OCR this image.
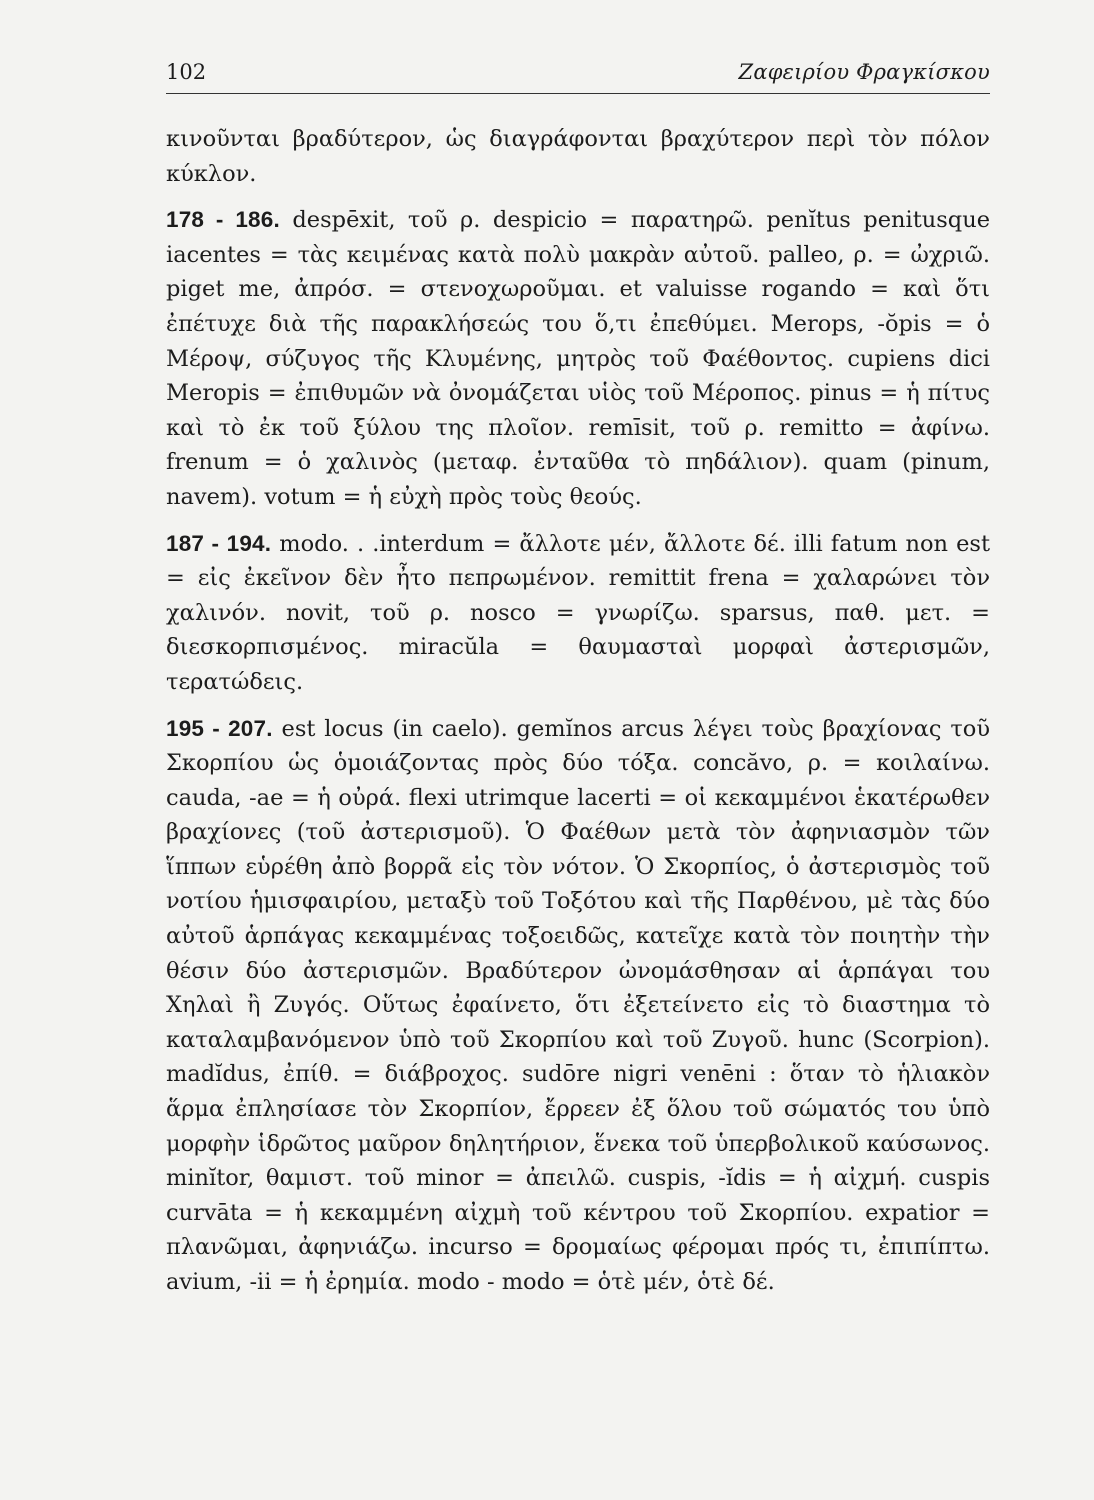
102	Ζαφειρίου Φραγκίσκου

κινοῦνται βραδύτερον, ὡς διαγράφονται βραχύτερον περὶ τὸν πόλον κύκλον.

178 - 186. despēxit, τοῦ ρ. despicio = παρατηρῶ. penĭtus penitusque iacentes = τὰς κειμένας κατὰ πολὺ μακρὰν αὐτοῦ. palleo, ρ. = ὠχριῶ. piget me, ἀπρόσ. = στενοχωροῦμαι. et valuisse rogando = καὶ ὅτι ἐπέτυχε διὰ τῆς παρακλήσεώς του ὅ,τι ἐπεθύμει. Merops, -ŏpis = ὁ Μέροψ, σύζυγος τῆς Κλυμένης, μητρὸς τοῦ Φαέθοντος. cupiens dici Meropis = ἐπιθυμῶν νὰ ὀνομάζεται υἱὸς τοῦ Μέροπος. pinus = ἡ πίτυς καὶ τὸ ἐκ τοῦ ξύλου της πλοῖον. remīsit, τοῦ ρ. remitto = ἀφίνω. frenum = ὁ χαλινὸς (μεταφ. ἐνταῦθα τὸ πηδάλιον). quam (pinum, navem). votum = ἡ εὐχὴ πρὸς τοὺς θεούς.

187 - 194. modo. . .interdum = ἄλλοτε μέν, ἄλλοτε δέ. illi fatum non est = εἰς ἐκεῖνον δὲν ἦτο πεπρωμένον. remittit frena = χαλαρώνει τὸν χαλινόν. novit, τοῦ ρ. nosco = γνωρίζω. sparsus, παθ. μετ. = διεσκορπισμένος. miracŭla = θαυμασταὶ μορφαὶ ἀστερισμῶν, τερατώδεις.

195 - 207. est locus (in caelo). gemĭnos arcus λέγει τοὺς βραχίονας τοῦ Σκορπίου ὡς ὁμοιάζοντας πρὸς δύο τόξα. concăvo, ρ. = κοιλαίνω. cauda, -ae = ἡ οὐρά. flexi utrimque lacerti = οἱ κεκαμμένοι ἑκατέρωθεν βραχίονες (τοῦ ἀστερισμοῦ). Ὁ Φαέθων μετὰ τὸν ἀφηνιασμὸν τῶν ἵππων εὑρέθη ἀπὸ βορρᾶ εἰς τὸν νότον. Ὁ Σκορπίος, ὁ ἀστερισμὸς τοῦ νοτίου ἡμισφαιρίου, μεταξὺ τοῦ Τοξότου καὶ τῆς Παρθένου, μὲ τὰς δύο αὐτοῦ ἁρπάγας κεκαμμένας τοξοειδῶς, κατεῖχε κατὰ τὸν ποιητὴν τὴν θέσιν δύο ἀστερισμῶν. Βραδύτερον ὠνομάσθησαν αἱ ἁρπάγαι του Χηλαὶ ἢ Ζυγός. Οὕτως ἐφαίνετο, ὅτι ἐξετείνετο εἰς τὸ διαστημα τὸ καταλαμβανόμενον ὑπὸ τοῦ Σκορπίου καὶ τοῦ Ζυγοῦ. hunc (Scorpion). madĭdus, ἐπίθ. = διάβροχος. sudōre nigri venēni : ὅταν τὸ ἡλιακὸν ἅρμα ἐπλησίασε τὸν Σκορπίον, ἔρρεεν ἐξ ὅλου τοῦ σώματός του ὑπὸ μορφὴν ἱδρῶτος μαῦρον δηλητήριον, ἕνεκα τοῦ ὑπερβολικοῦ καύσωνος. minĭtor, θαμιστ. τοῦ minor = ἀπειλῶ. cuspis, -ĭdis = ἡ αἰχμή. cuspis curvāta = ἡ κεκαμμένη αἰχμὴ τοῦ κέντρου τοῦ Σκορπίου. expatior = πλανῶμαι, ἀφηνιάζω. incurso = δρομαίως φέρομαι πρός τι, ἐπιπίπτω. avium, -ii = ἡ ἐρημία. modo - modo = ὁτὲ μέν, ὁτὲ δέ.
